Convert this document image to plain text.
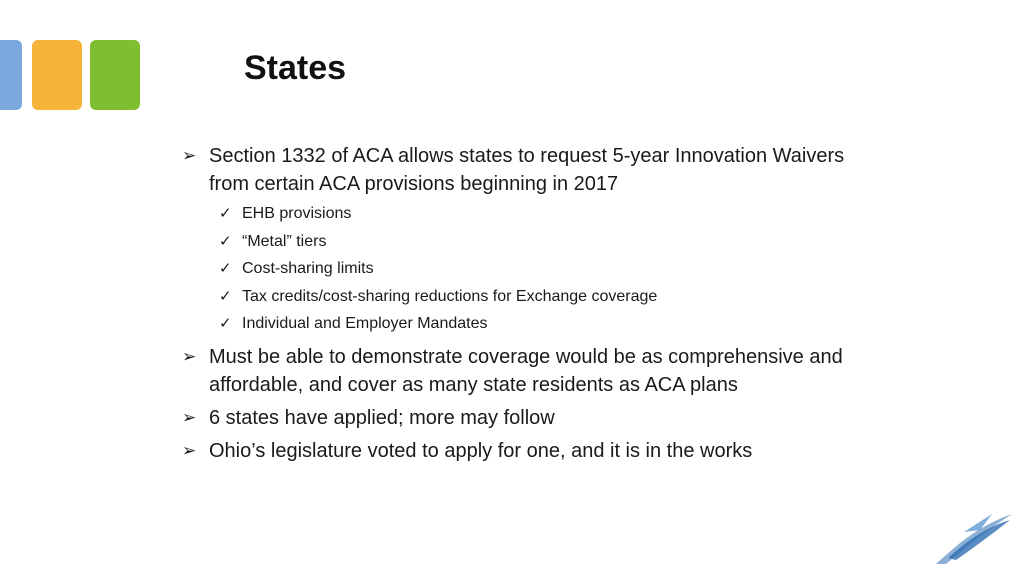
States
➢ Section 1332 of ACA allows states to request 5-year Innovation Waivers from certain ACA provisions beginning in 2017
✓ EHB provisions
✓ “Metal” tiers
✓ Cost-sharing limits
✓ Tax credits/cost-sharing reductions for Exchange coverage
✓ Individual and Employer Mandates
➢ Must be able to demonstrate coverage would be as comprehensive and affordable, and cover as many state residents as ACA plans
➢ 6 states have applied; more may follow
➢ Ohio’s legislature voted to apply for one, and it is in the works
